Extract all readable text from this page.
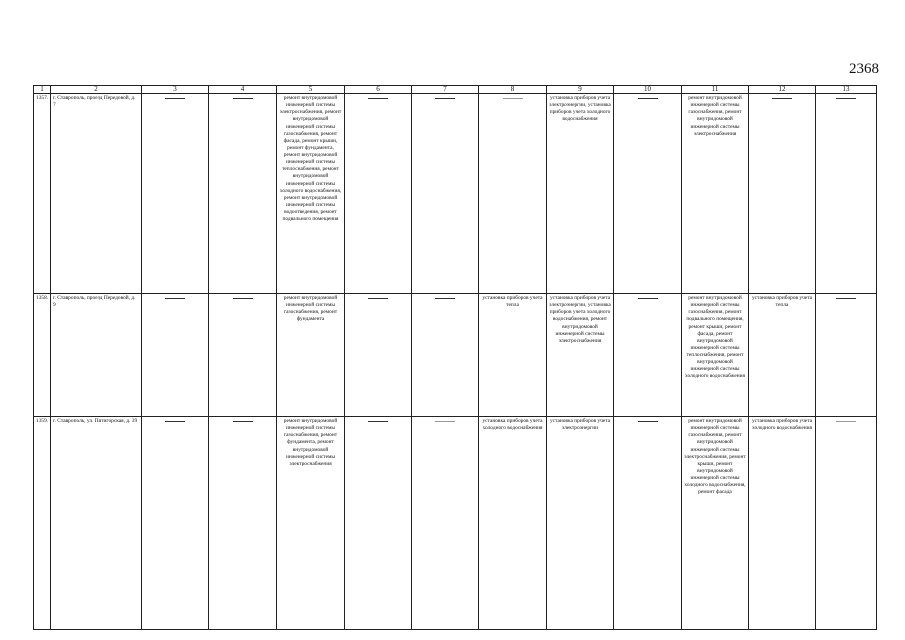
2368
1	2	3	4	5	6	7	8	9	10	11	12	13
1357.	г. Ставрополь, проезд Передовой, д. 7			ремонт внутридомовой инженерной системы электроснабжения, ремонт внутридомовой инженерной системы газоснабжения, ремонт фасада, ремонт крыши, ремонт фундамента, ремонт внутридомовой инженерной системы теплоснабжения, ремонт внутридомовой инженерной системы холодного водоснабжения, ремонт внутридомовой инженерной системы водоотведения, ремонт подвального помещения				установка приборов учета электроэнергии, установка приборов учета холодного водоснабжения		ремонт внутридомовой инженерной системы газоснабжения, ремонт внутридомовой инженерной системы электроснабжения	

1358.	г. Ставрополь, проезд Передовой, д. 9			ремонт внутридомовой инженерной системы газоснабжения, ремонт фундамента			установка приборов учета тепла	установка приборов учета электроэнергии, установка приборов учета холодного водоснабжения, ремонт внутридомовой инженерной системы электроснабжения		ремонт внутридомовой инженерной системы газоснабжения, ремонт подвального помещения, ремонт крыши, ремонт фасада, ремонт внутридомовой инженерной системы теплоснабжения, ремонт внутридомовой инженерной системы холодного водоснабжения	установка приборов учета тепла	

1359.	г. Ставрополь, ул. Пятигорская, д. 39			ремонт внутридомовой инженерной системы газоснабжения, ремонт фундамента, ремонт внутридомовой инженерной системы электроснабжения			установка приборов учета холодного водоснабжения	установка приборов учета электроэнергии		ремонт внутридомовой инженерной системы газоснабжения, ремонт внутридомовой инженерной системы электроснабжения, ремонт крыши, ремонт внутридомовой инженерной системы холодного водоснабжения, ремонт фасада	установка приборов учета холодного водоснабжения	
